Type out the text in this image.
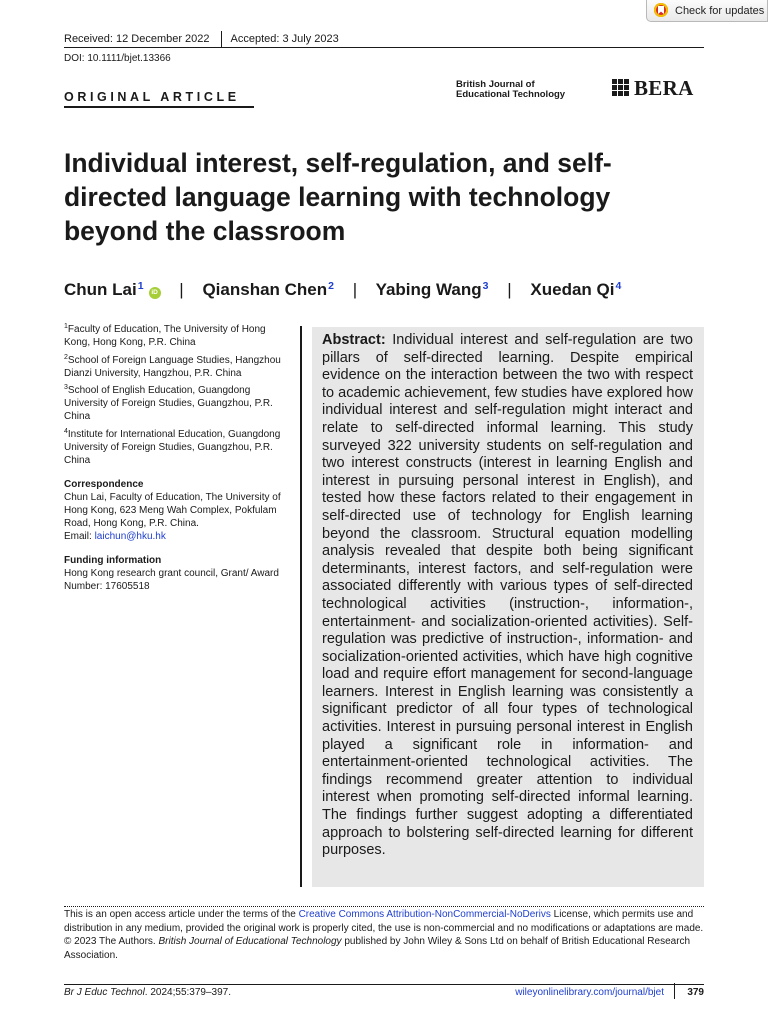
Check for updates
Received: 12 December 2022 Accepted: 3 July 2023
DOI: 10.1111/bjet.13366
ORIGINAL ARTICLE
British Journal of
Educational Technology	BERA
Individual interest, self-regulation, and self-directed language learning with technology beyond the classroom
Chun Lai$^1$iD | Qianshan Chen$^2$ | Yabing Wang$^3$ | Xuedan Qi$^4$
$^1$Faculty of Education, The University of Hong Kong, Hong Kong, P.R. China
$^2$School of Foreign Language Studies, Hangzhou Dianzi University, Hangzhou, P.R. China
$^3$School of English Education, Guangdong University of Foreign Studies, Guangzhou, P.R. China
$^4$Institute for International Education, Guangdong University of Foreign Studies, Guangzhou, P.R. China
Correspondence
Chun Lai, Faculty of Education, The University of Hong Kong, 623 Meng Wah Complex, Pokfulam Road, Hong Kong, P.R. China.
Email: laichun@hku.hk
Funding information
Hong Kong research grant council, Grant/ Award Number: 17605518
Abstract: Individual interest and self-regulation are two pillars of self-directed learning. Despite empirical evidence on the interaction between the two with respect to academic achievement, few studies have explored how individual interest and self-regulation might interact and relate to self-directed informal learning. This study surveyed 322 university students on self-regulation and two interest constructs (interest in learning English and interest in pursuing personal interest in English), and tested how these factors related to their engagement in self-directed use of technology for English learning beyond the classroom. Structural equation modelling analysis revealed that despite both being significant determinants, interest factors, and self-regulation were associated differently with various types of self-directed technological activities (instruction-, information-, entertainment- and socialization-oriented activities). Self-regulation was predictive of instruction-, information- and socialization-oriented activities, which have high cognitive load and require effort management for second-language learners. Interest in English learning was consistently a significant predictor of all four types of technological activities. Interest in pursuing personal interest in English played a significant role in information- and entertainment-oriented technological activities. The findings recommend greater attention to individual interest when promoting self-directed informal learning. The findings further suggest adopting a differentiated approach to bolstering self-directed learning for different purposes.
This is an open access article under the terms of the Creative Commons Attribution-NonCommercial-NoDerivs License, which permits use and distribution in any medium, provided the original work is properly cited, the use is non-commercial and no modifications or adaptations are made.
© 2023 The Authors. British Journal of Educational Technology published by John Wiley & Sons Ltd on behalf of British Educational Research Association.
Br J Educ Technol. 2024;55:379–397.	wileyonlinelibrary.com/journal/bjet	379
